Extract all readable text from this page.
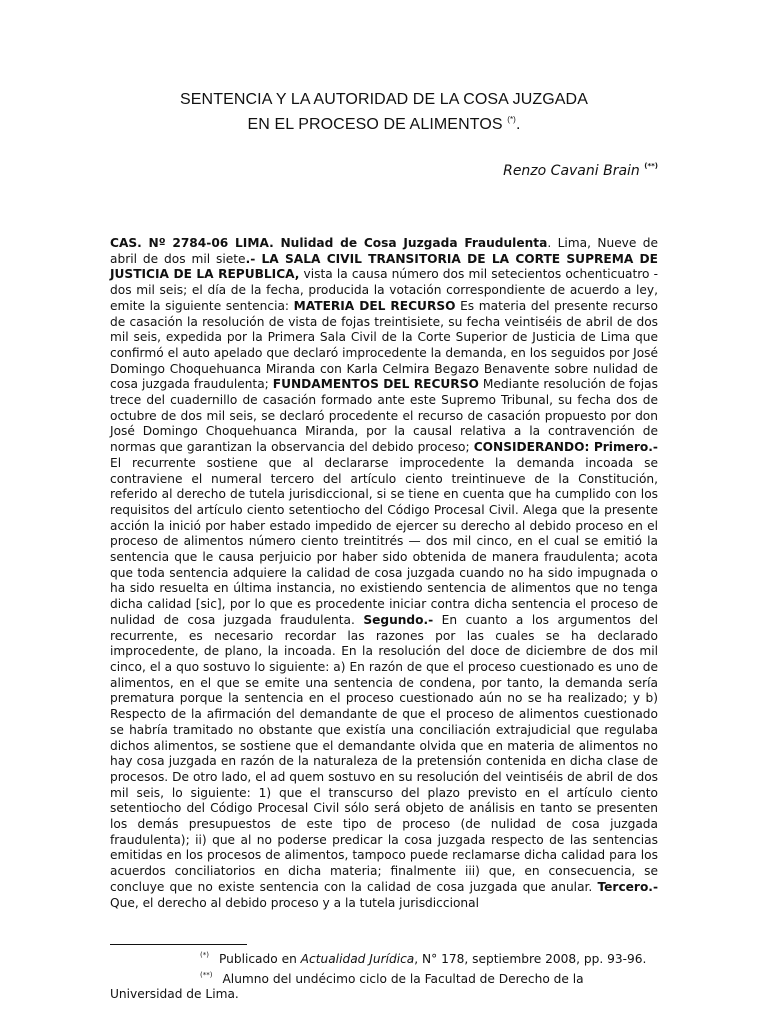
SENTENCIA Y LA AUTORIDAD DE LA COSA JUZGADA
EN EL PROCESO DE ALIMENTOS (*).
Renzo Cavani Brain (**)
CAS. Nº 2784-06 LIMA. Nulidad de Cosa Juzgada Fraudulenta. Lima, Nueve de abril de dos mil siete.- LA SALA CIVIL TRANSITORIA DE LA CORTE SUPREMA DE JUSTICIA DE LA REPUBLICA, vista la causa número dos mil setecientos ochenticuatro - dos mil seis; el día de la fecha, producida la votación correspondiente de acuerdo a ley, emite la siguiente sentencia: MATERIA DEL RECURSO Es materia del presente recurso de casación la resolución de vista de fojas treintisiete, su fecha veintiséis de abril de dos mil seis, expedida por la Primera Sala Civil de la Corte Superior de Justicia de Lima que confirmó el auto apelado que declaró improcedente la demanda, en los seguidos por José Domingo Choquehuanca Miranda con Karla Celmira Begazo Benavente sobre nulidad de cosa juzgada fraudulenta; FUNDAMENTOS DEL RECURSO Mediante resolución de fojas trece del cuadernillo de casación formado ante este Supremo Tribunal, su fecha dos de octubre de dos mil seis, se declaró procedente el recurso de casación propuesto por don José Domingo Choquehuanca Miranda, por la causal relativa a la contravención de normas que garantizan la observancia del debido proceso; CONSIDERANDO: Primero.- El recurrente sostiene que al declararse improcedente la demanda incoada se contraviene el numeral tercero del artículo ciento treintinueve de la Constitución, referido al derecho de tutela jurisdiccional, si se tiene en cuenta que ha cumplido con los requisitos del artículo ciento setentiocho del Código Procesal Civil. Alega que la presente acción la inició por haber estado impedido de ejercer su derecho al debido proceso en el proceso de alimentos número ciento treintitrés — dos mil cinco, en el cual se emitió la sentencia que le causa perjuicio por haber sido obtenida de manera fraudulenta; acota que toda sentencia adquiere la calidad de cosa juzgada cuando no ha sido impugnada o ha sido resuelta en última instancia, no existiendo sentencia de alimentos que no tenga dicha calidad [sic], por lo que es procedente iniciar contra dicha sentencia el proceso de nulidad de cosa juzgada fraudulenta. Segundo.- En cuanto a los argumentos del recurrente, es necesario recordar las razones por las cuales se ha declarado improcedente, de plano, la incoada. En la resolución del doce de diciembre de dos mil cinco, el a quo sostuvo lo siguiente: a) En razón de que el proceso cuestionado es uno de alimentos, en el que se emite una sentencia de condena, por tanto, la demanda sería prematura porque la sentencia en el proceso cuestionado aún no se ha realizado; y b) Respecto de la afirmación del demandante de que el proceso de alimentos cuestionado se habría tramitado no obstante que existía una conciliación extrajudicial que regulaba dichos alimentos, se sostiene que el demandante olvida que en materia de alimentos no hay cosa juzgada en razón de la naturaleza de la pretensión contenida en dicha clase de procesos. De otro lado, el ad quem sostuvo en su resolución del veintiséis de abril de dos mil seis, lo siguiente: 1) que el transcurso del plazo previsto en el artículo ciento setentiocho del Código Procesal Civil sólo será objeto de análisis en tanto se presenten los demás presupuestos de este tipo de proceso (de nulidad de cosa juzgada fraudulenta); ii) que al no poderse predicar la cosa juzgada respecto de las sentencias emitidas en los procesos de alimentos, tampoco puede reclamarse dicha calidad para los acuerdos conciliatorios en dicha materia; finalmente iii) que, en consecuencia, se concluye que no existe sentencia con la calidad de cosa juzgada que anular. Tercero.- Que, el derecho al debido proceso y a la tutela jurisdiccional
(*) Publicado en Actualidad Jurídica, N° 178, septiembre 2008, pp. 93-96.
(**) Alumno del undécimo ciclo de la Facultad de Derecho de la Universidad de Lima.
